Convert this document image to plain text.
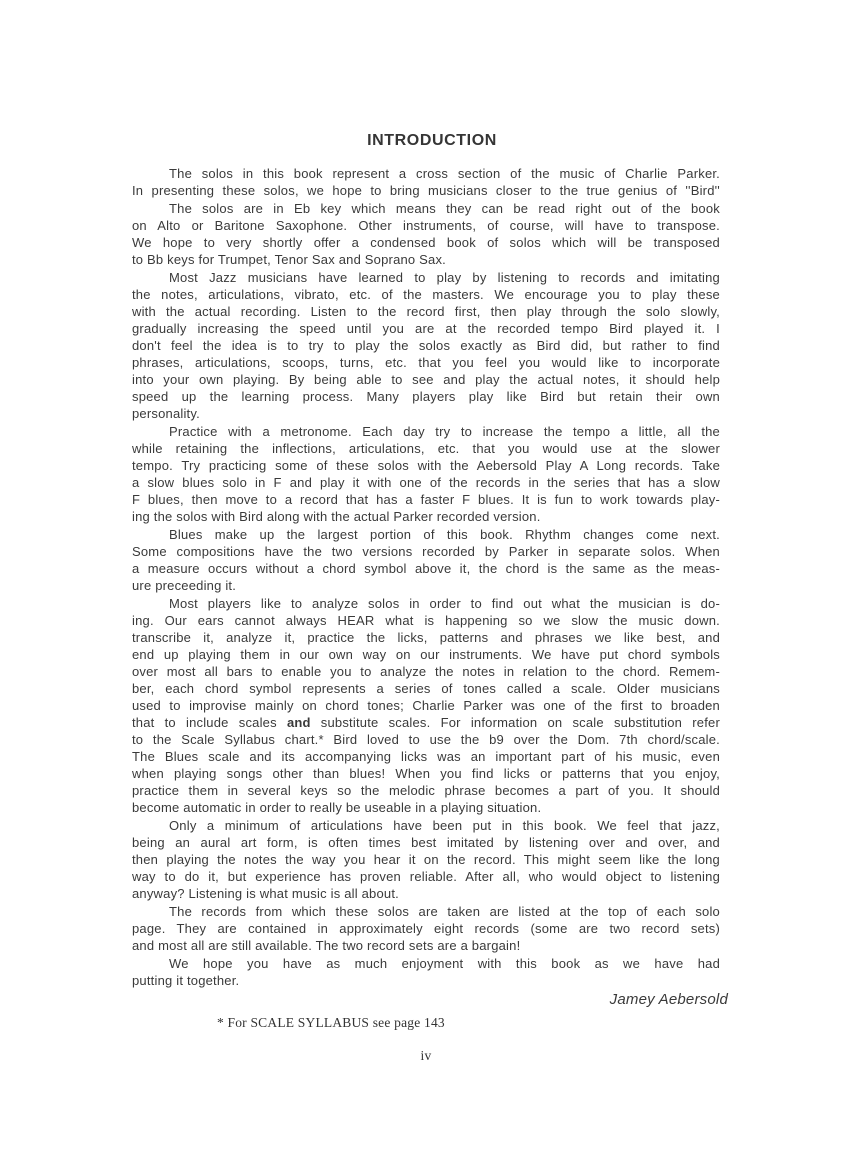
INTRODUCTION

The solos in this book represent a cross section of the music of Charlie Parker.
In presenting these solos, we hope to bring musicians closer to the true genius of ''Bird''

The solos are in Eb key which means they can be read right out of the book
on Alto or Baritone Saxophone. Other instruments, of course, will have to transpose.
We hope to very shortly offer a condensed book of solos which will be transposed
to Bb keys for Trumpet, Tenor Sax and Soprano Sax.

Most Jazz musicians have learned to play by listening to records and imitating
the notes, articulations, vibrato, etc. of the masters. We encourage you to play these
with the actual recording. Listen to the record first, then play through the solo slowly,
gradually increasing the speed until you are at the recorded tempo Bird played it. I
don't feel the idea is to try to play the solos exactly as Bird did, but rather to find
phrases, articulations, scoops, turns, etc. that you feel you would like to incorporate
into your own playing. By being able to see and play the actual notes, it should help
speed up the learning process. Many players play like Bird but retain their own
personality.

Practice with a metronome. Each day try to increase the tempo a little, all the
while retaining the inflections, articulations, etc. that you would use at the slower
tempo. Try practicing some of these solos with the Aebersold Play A Long records. Take
a slow blues solo in F and play it with one of the records in the series that has a slow
F blues, then move to a record that has a faster F blues. It is fun to work towards play-
ing the solos with Bird along with the actual Parker recorded version.

Blues make up the largest portion of this book. Rhythm changes come next.
Some compositions have the two versions recorded by Parker in separate solos. When
a measure occurs without a chord symbol above it, the chord is the same as the meas-
ure preceeding it.

Most players like to analyze solos in order to find out what the musician is do-
ing. Our ears cannot always HEAR what is happening so we slow the music down.
transcribe it, analyze it, practice the licks, patterns and phrases we like best, and
end up playing them in our own way on our instruments. We have put chord symbols
over most all bars to enable you to analyze the notes in relation to the chord. Remem-
ber, each chord symbol represents a series of tones called a scale. Older musicians
used to improvise mainly on chord tones; Charlie Parker was one of the first to broaden
that to include scales and substitute scales. For information on scale substitution refer
to the Scale Syllabus chart.* Bird loved to use the b9 over the Dom. 7th chord/scale.
The Blues scale and its accompanying licks was an important part of his music, even
when playing songs other than blues! When you find licks or patterns that you enjoy,
practice them in several keys so the melodic phrase becomes a part of you. It should
become automatic in order to really be useable in a playing situation.

Only a minimum of articulations have been put in this book. We feel that jazz,
being an aural art form, is often times best imitated by listening over and over, and
then playing the notes the way you hear it on the record. This might seem like the long
way to do it, but experience has proven reliable. After all, who would object to listening
anyway? Listening is what music is all about.

The records from which these solos are taken are listed at the top of each solo
page. They are contained in approximately eight records (some are two record sets)
and most all are still available. The two record sets are a bargain!

We hope you have as much enjoyment with this book as we have had
putting it together.

Jamey Aebersold
* For SCALE SYLLABUS see page 143
iv
